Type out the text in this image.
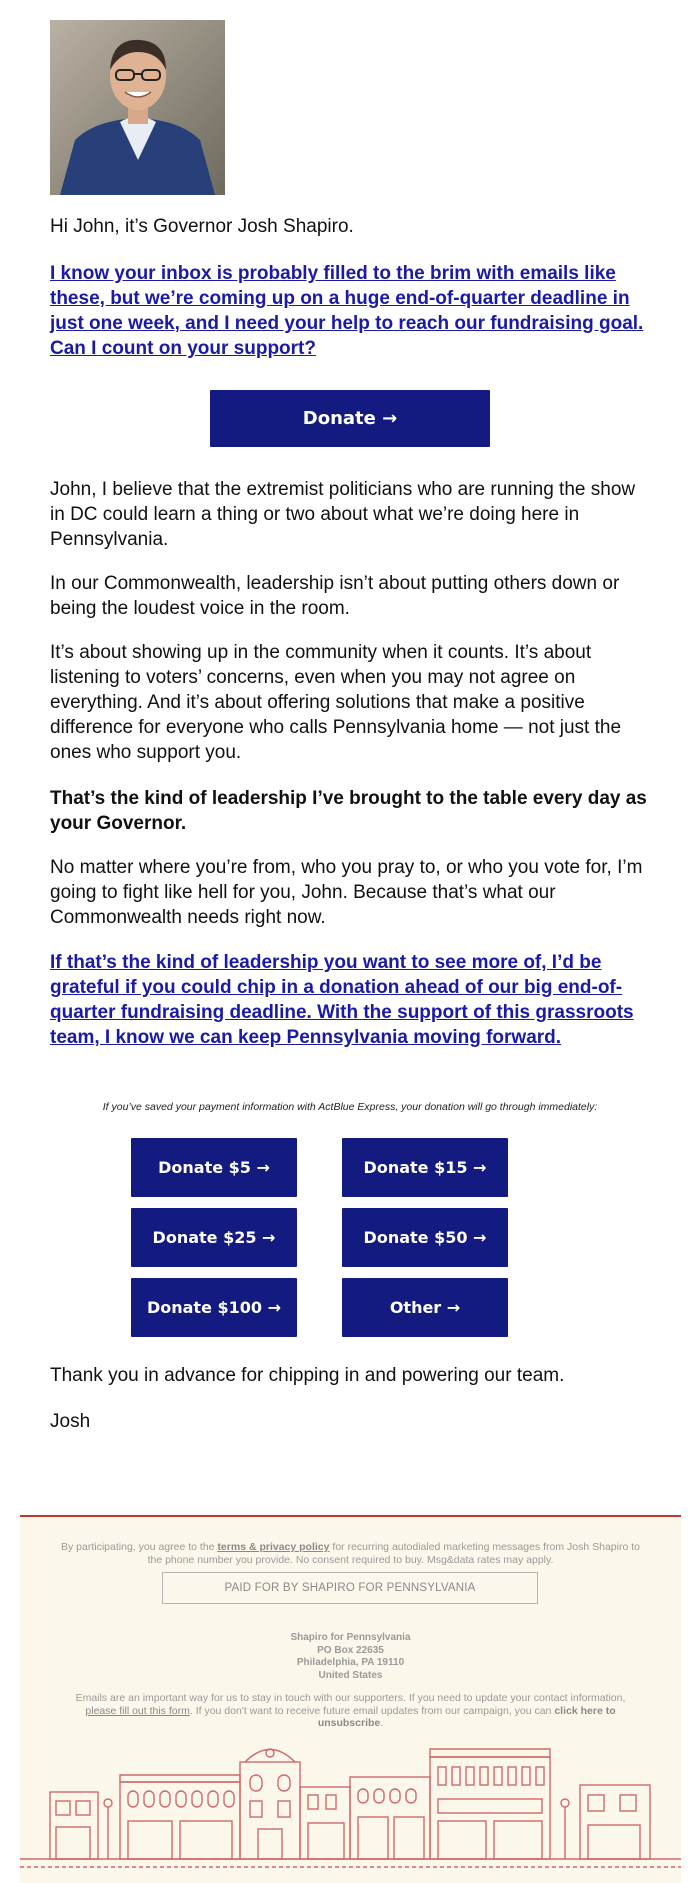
Hi John, it’s Governor Josh Shapiro.

I know your inbox is probably filled to the brim with emails like these, but we’re coming up on a huge end-of-quarter deadline in just one week, and I need your help to reach our fundraising goal. Can I count on your support?
Donate →

John, I believe that the extremist politicians who are running the show in DC could learn a thing or two about what we’re doing here in Pennsylvania.

In our Commonwealth, leadership isn’t about putting others down or being the loudest voice in the room.

It’s about showing up in the community when it counts. It’s about listening to voters’ concerns, even when you may not agree on everything. And it’s about offering solutions that make a positive difference for everyone who calls Pennsylvania home — not just the ones who support you.

That’s the kind of leadership I’ve brought to the table every day as your Governor.

No matter where you’re from, who you pray to, or who you vote for, I’m going to fight like hell for you, John. Because that’s what our Commonwealth needs right now.

If that’s the kind of leadership you want to see more of, I’d be grateful if you could chip in a donation ahead of our big end-of-quarter fundraising deadline. With the support of this grassroots team, I know we can keep Pennsylvania moving forward.
If you’ve saved your payment information with ActBlue Express, your donation will go through immediately:
Donate $5 →	Donate $15 →
Donate $25 →	Donate $50 →
Donate $100 →	Other →

Thank you in advance for chipping in and powering our team.

Josh

By participating, you agree to the terms & privacy policy for recurring autodialed marketing messages from Josh Shapiro to the phone number you provide. No consent required to buy. Msg&data rates may apply.
PAID FOR BY SHAPIRO FOR PENNSYLVANIA
Shapiro for Pennsylvania
PO Box 22635
Philadelphia, PA 19110
United States
Emails are an important way for us to stay in touch with our supporters. If you need to update your contact information, please fill out this form. If you don't want to receive future email updates from our campaign, you can click here to unsubscribe.
